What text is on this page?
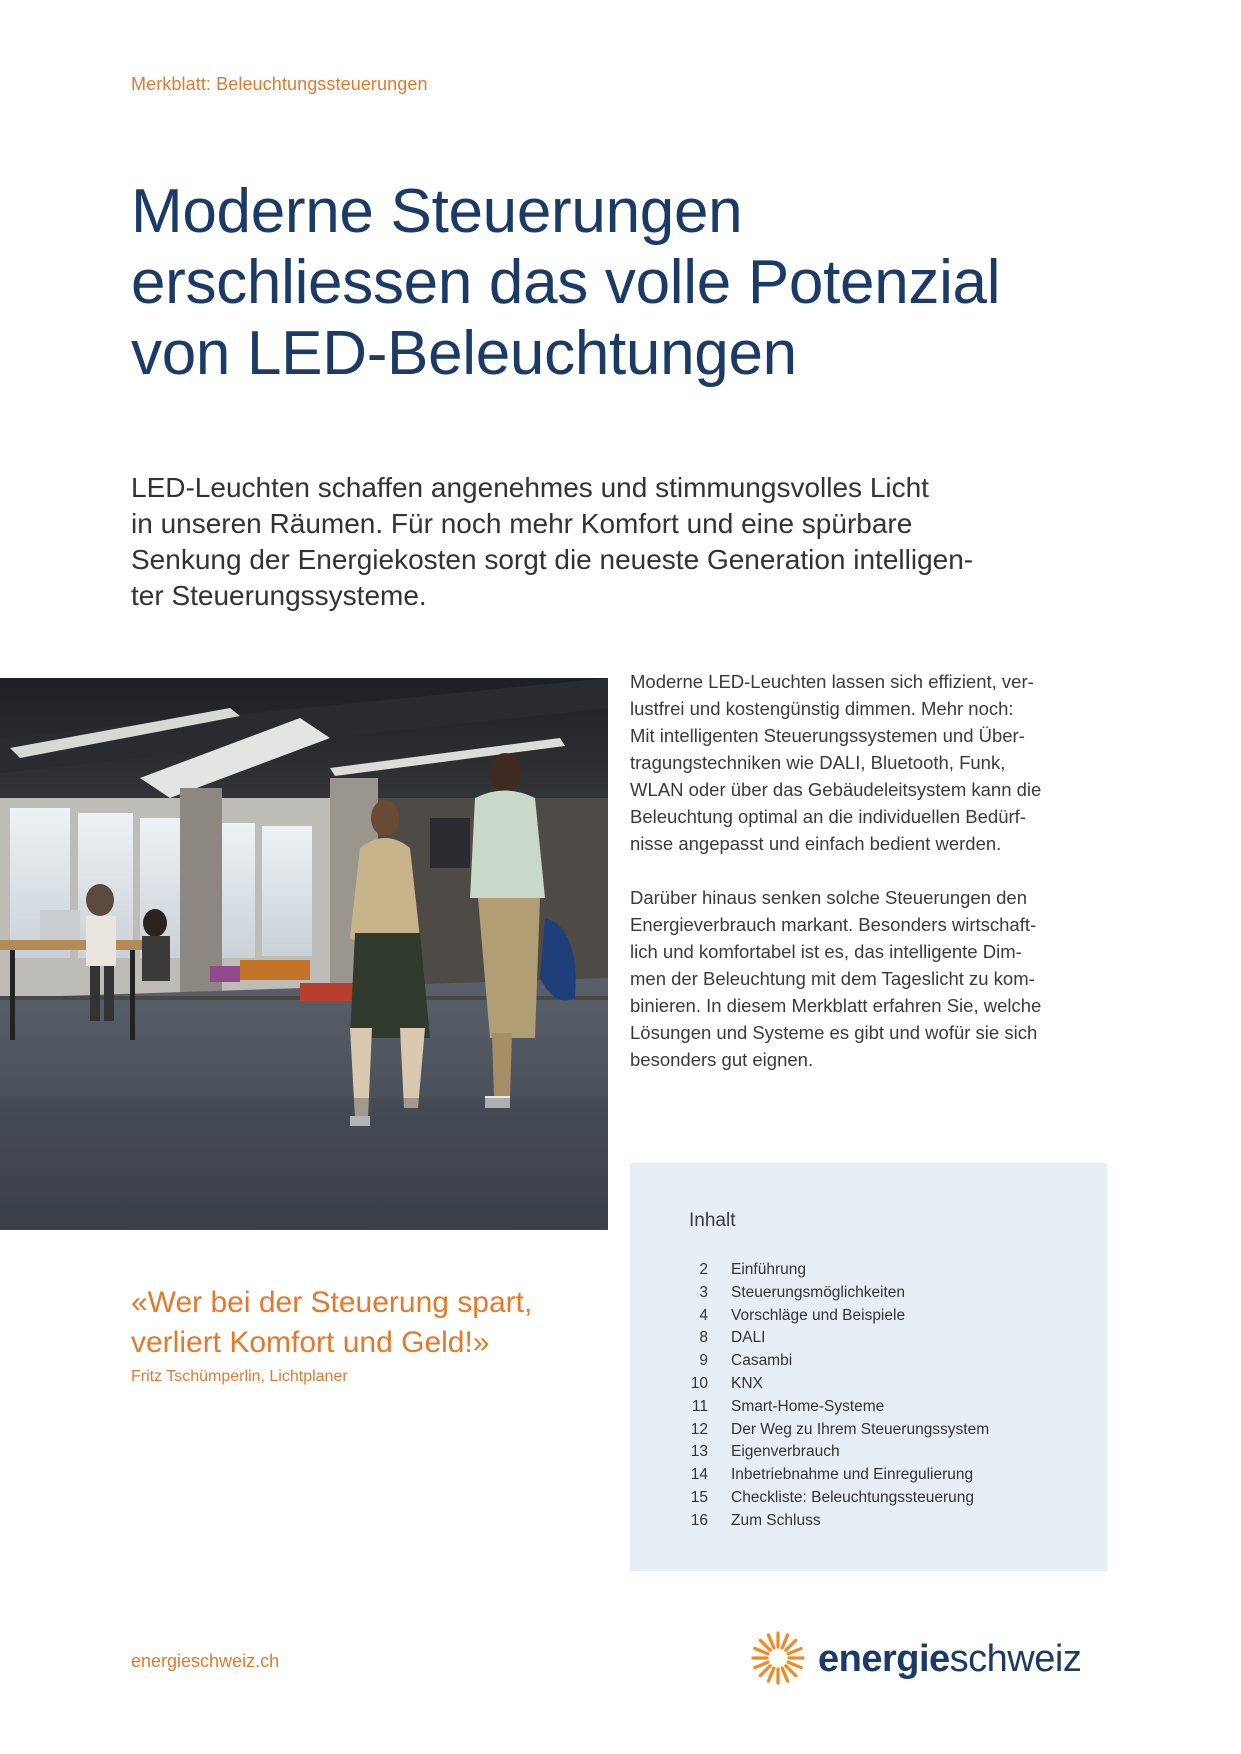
Merkblatt: Beleuchtungssteuerungen
Moderne Steuerungen
erschliessen das volle Potenzial
von LED-Beleuchtungen
LED-Leuchten schaffen angenehmes und stimmungsvolles Licht
in unseren Räumen. Für noch mehr Komfort und eine spürbare
Senkung der Energiekosten sorgt die neueste Generation intelligen-
ter Steuerungssysteme.

Moderne LED-Leuchten lassen sich effizient, ver-
lustfrei und kostengünstig dimmen. Mehr noch:
Mit intelligenten Steuerungssystemen und Über-
tragungstechniken wie DALI, Bluetooth, Funk,
WLAN oder über das Gebäudeleitsystem kann die
Beleuchtung optimal an die individuellen Bedürf-
nisse angepasst und einfach bedient werden.

Darüber hinaus senken solche Steuerungen den
Energieverbrauch markant. Besonders wirtschaft-
lich und komfortabel ist es, das intelligente Dim-
men der Beleuchtung mit dem Tageslicht zu kom-
binieren. In diesem Merkblatt erfahren Sie, welche
Lösungen und Systeme es gibt und wofür sie sich
besonders gut eignen.

Inhalt
2 Einführung
3 Steuerungsmöglichkeiten
4 Vorschläge und Beispiele
8 DALI
9 Casambi
10 KNX
11 Smart-Home-Systeme
12 Der Weg zu Ihrem Steuerungssystem
13 Eigenverbrauch
14 Inbetriebnahme und Einregulierung
15 Checkliste: Beleuchtungssteuerung
16 Zum Schluss
«Wer bei der Steuerung spart,
verliert Komfort und Geld!»
Fritz Tschümperlin, Lichtplaner
energieschweiz.ch	energieschweiz
